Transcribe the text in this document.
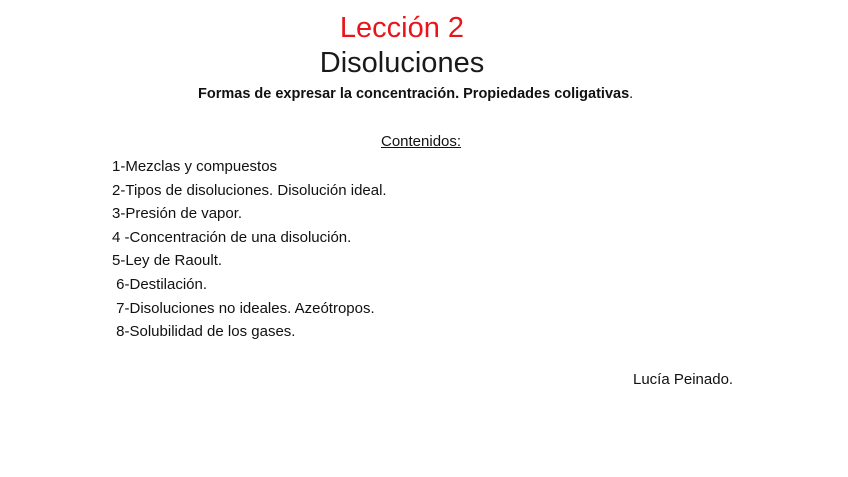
Lección 2
Disoluciones
Formas de expresar la concentración. Propiedades coligativas.
Contenidos:
1-Mezclas y compuestos
2-Tipos de disoluciones. Disolución ideal.
3-Presión de vapor.
4 -Concentración de una disolución.
5-Ley de Raoult.
6-Destilación.
7-Disoluciones no ideales. Azeótropos.
8-Solubilidad de los gases.
Lucía Peinado.
